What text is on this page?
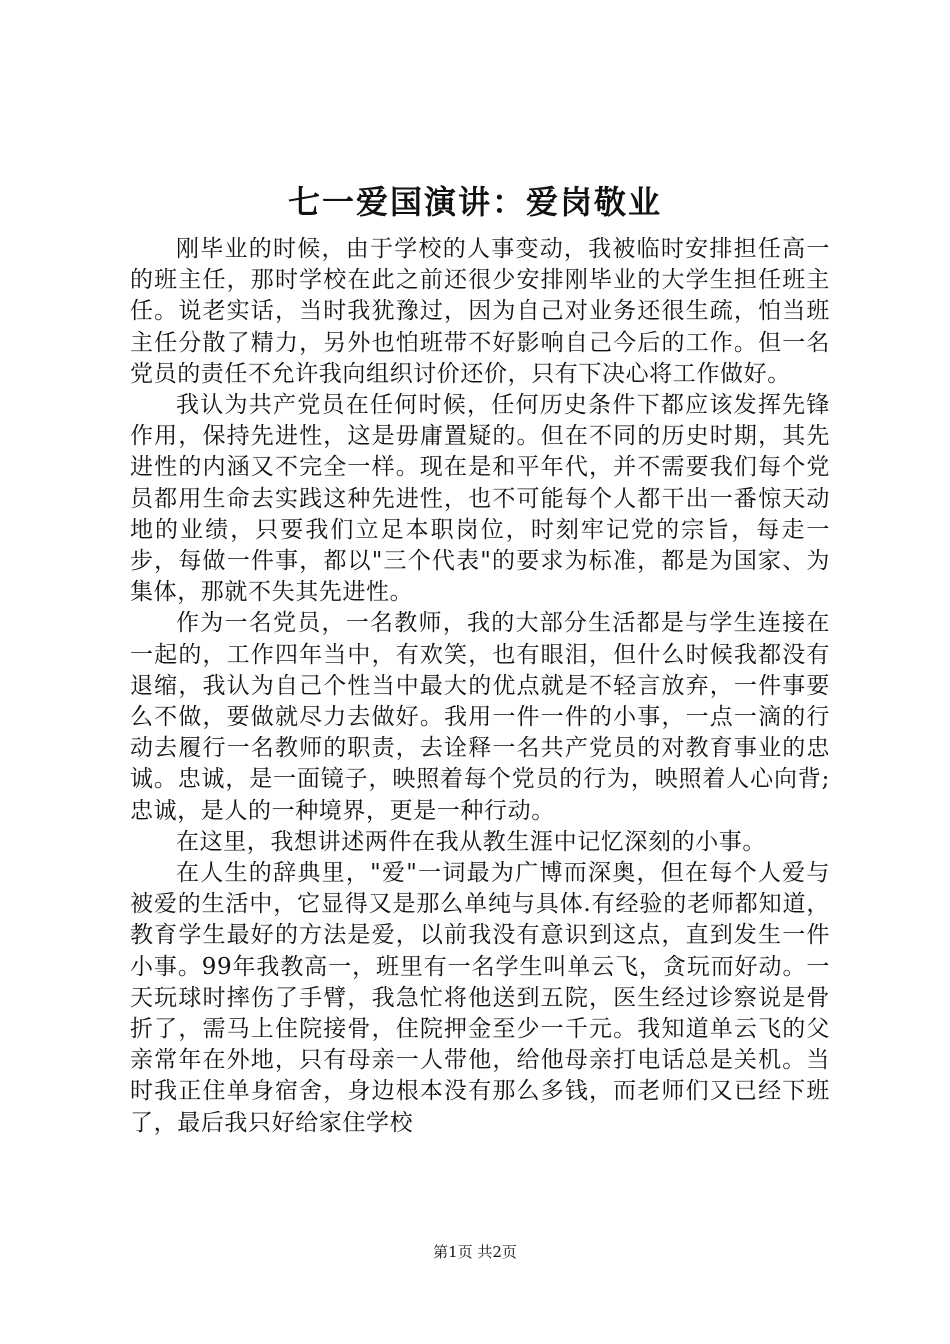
七一爱国演讲：爱岗敬业

刚毕业的时候，由于学校的人事变动，我被临时安排担任高一的班主任，那时学校在此之前还很少安排刚毕业的大学生担任班主任。说老实话，当时我犹豫过，因为自己对业务还很生疏，怕当班主任分散了精力，另外也怕班带不好影响自己今后的工作。但一名党员的责任不允许我向组织讨价还价，只有下决心将工作做好。

我认为共产党员在任何时候，任何历史条件下都应该发挥先锋作用，保持先进性，这是毋庸置疑的。但在不同的历史时期，其先进性的内涵又不完全一样。现在是和平年代，并不需要我们每个党员都用生命去实践这种先进性，也不可能每个人都干出一番惊天动地的业绩，只要我们立足本职岗位，时刻牢记党的宗旨，每走一步，每做一件事，都以"三个代表"的要求为标准，都是为国家、为集体，那就不失其先进性。

作为一名党员，一名教师，我的大部分生活都是与学生连接在一起的，工作四年当中，有欢笑，也有眼泪，但什么时候我都没有退缩，我认为自己个性当中最大的优点就是不轻言放弃，一件事要么不做，要做就尽力去做好。我用一件一件的小事，一点一滴的行动去履行一名教师的职责，去诠释一名共产党员的对教育事业的忠诚。忠诚，是一面镜子，映照着每个党员的行为，映照着人心向背;忠诚，是人的一种境界，更是一种行动。

在这里，我想讲述两件在我从教生涯中记忆深刻的小事。

在人生的辞典里，"爱"一词最为广博而深奥，但在每个人爱与被爱的生活中，它显得又是那么单纯与具体.有经验的老师都知道，教育学生最好的方法是爱，以前我没有意识到这点，直到发生一件小事。99年我教高一，班里有一名学生叫单云飞，贪玩而好动。一天玩球时摔伤了手臂，我急忙将他送到五院，医生经过诊察说是骨折了，需马上住院接骨，住院押金至少一千元。我知道单云飞的父亲常年在外地，只有母亲一人带他，给他母亲打电话总是关机。当时我正住单身宿舍，身边根本没有那么多钱，而老师们又已经下班了，最后我只好给家住学校

第1页 共2页
